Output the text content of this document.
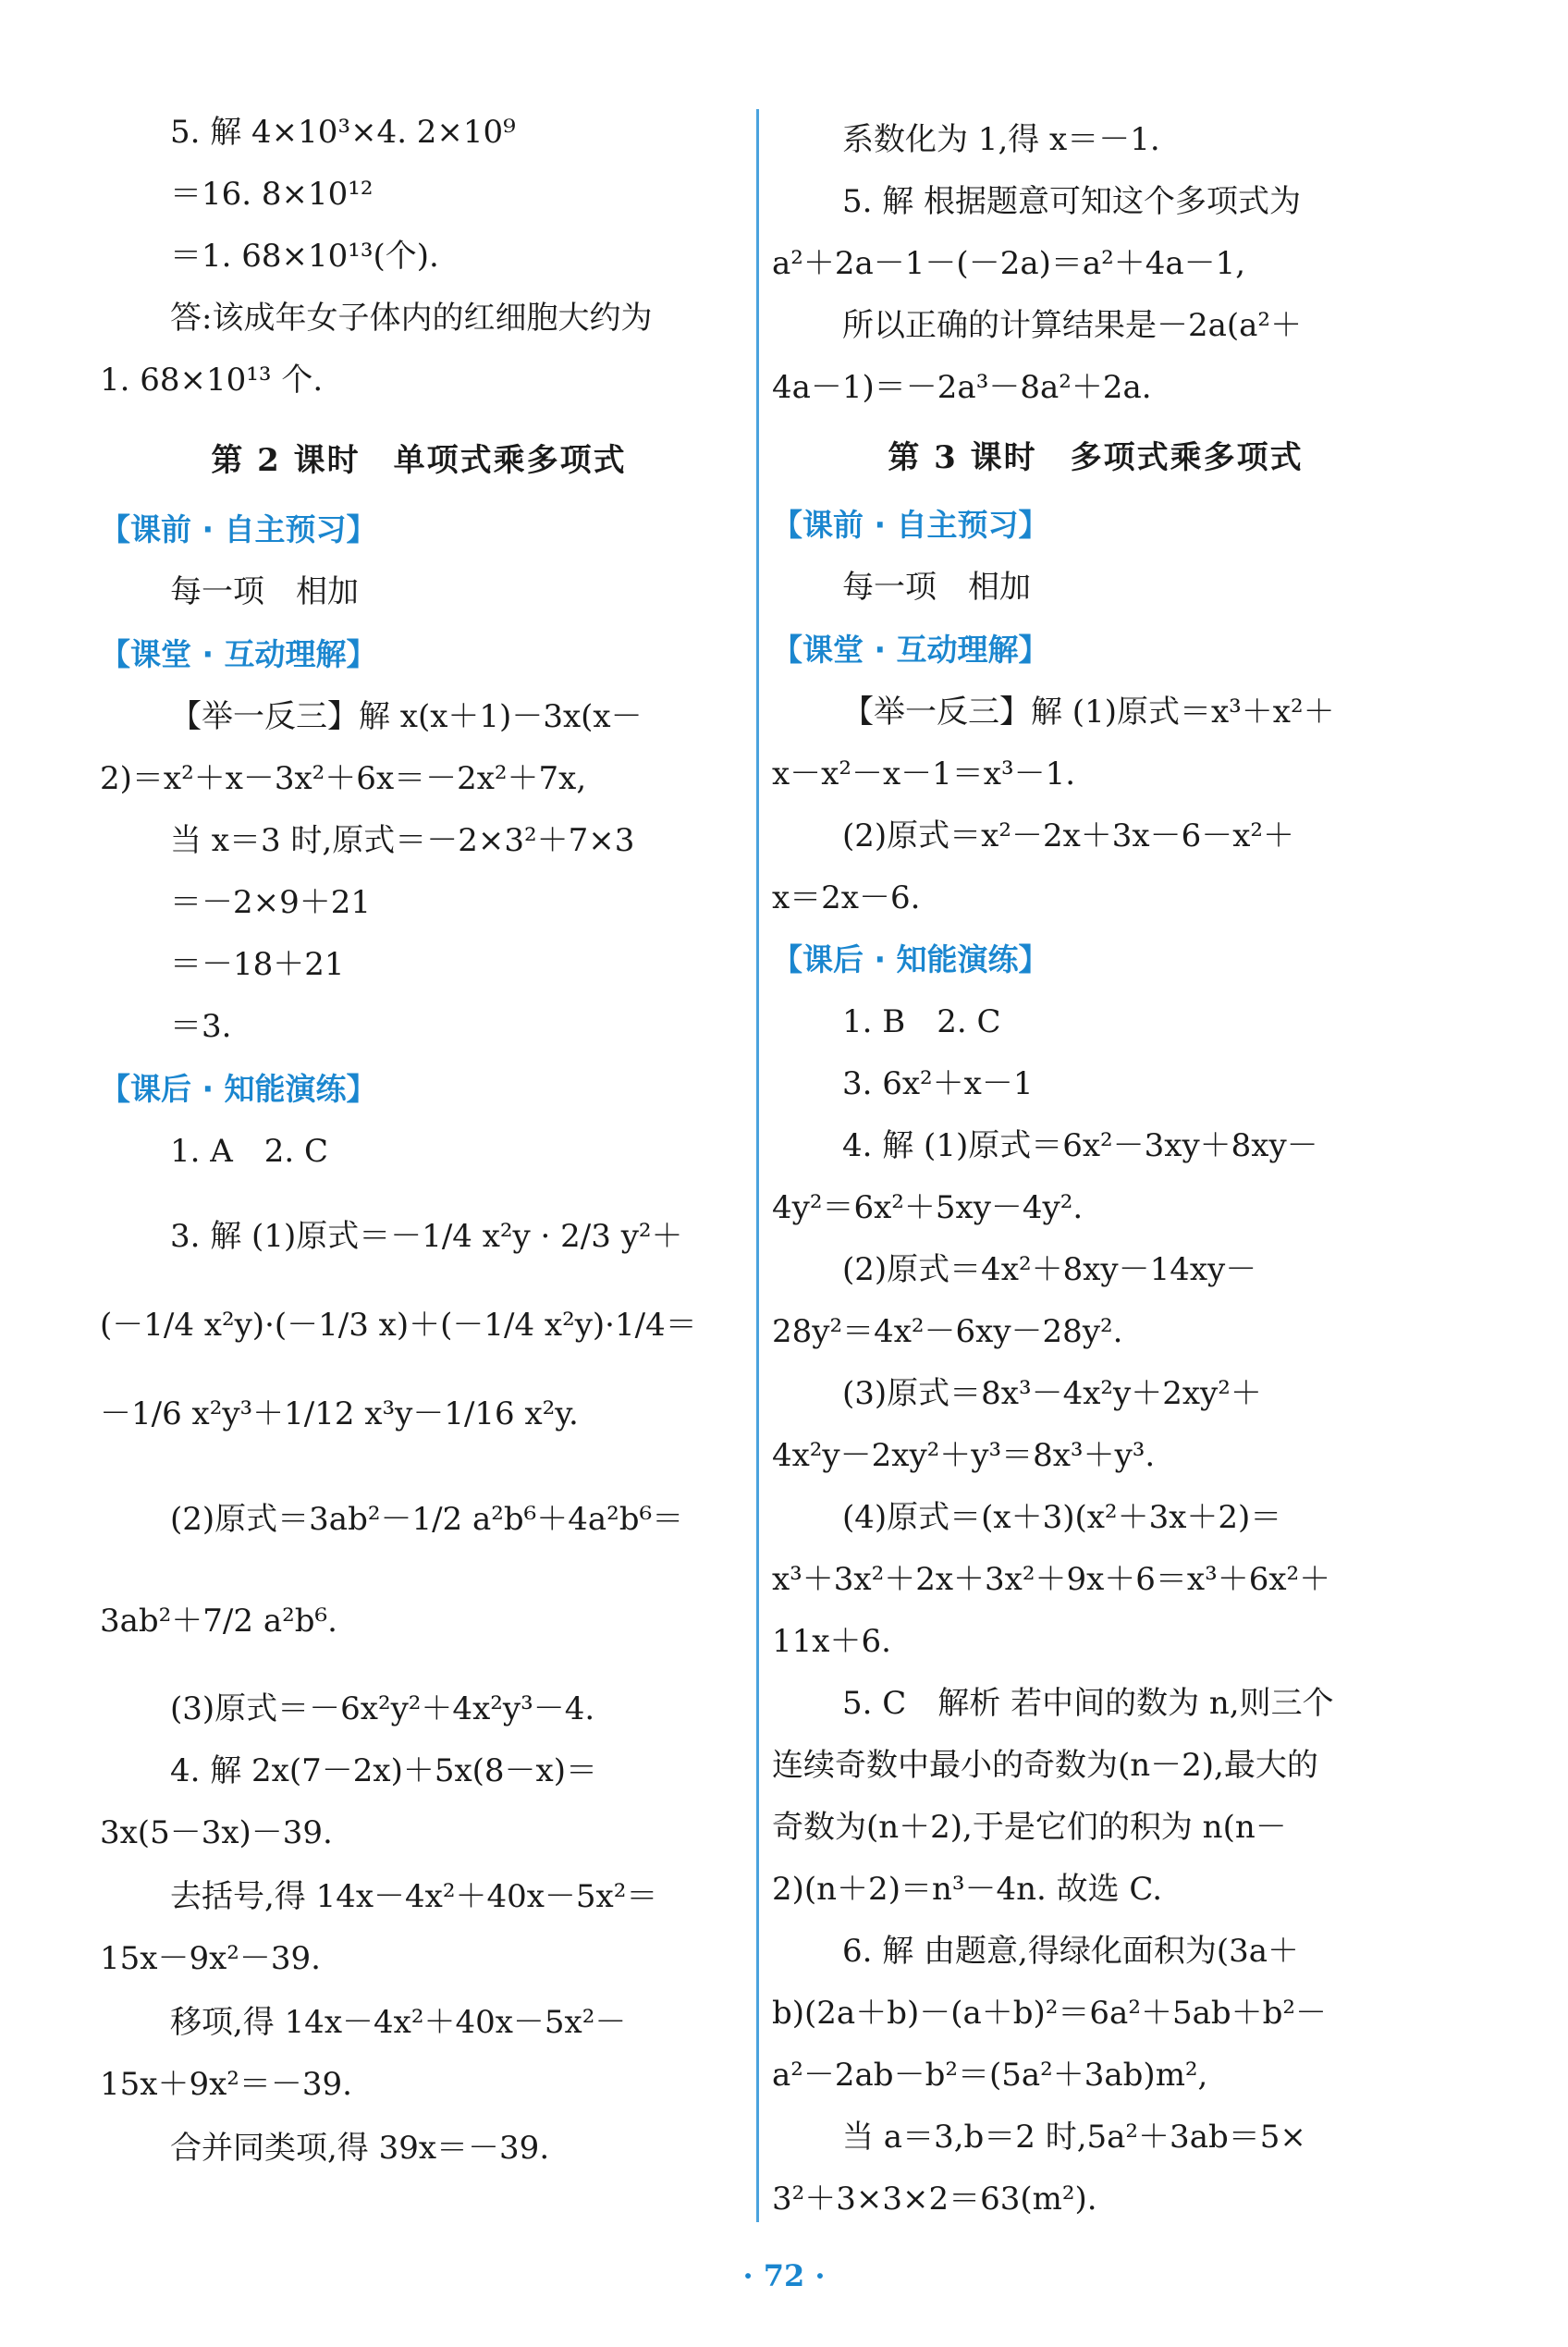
5. 解 4×10³×4. 2×10⁹
＝16. 8×10¹²
＝1. 68×10¹³(个).
答:该成年女子体内的红细胞大约为
1. 68×10¹³ 个.
第 2 课时　单项式乘多项式
【课前 · 自主预习】
每一项　相加
【课堂 · 互动理解】
【举一反三】解 x(x＋1)－3x(x－
2)＝x²＋x－3x²＋6x＝－2x²＋7x,
当 x＝3 时,原式＝－2×3²＋7×3
＝－2×9＋21
＝－18＋21
＝3.
【课后 · 知能演练】
1. A　2. C
3. 解 (1)原式＝－1/4 x²y · 2/3 y²＋
(－1/4 x²y)·(－1/3 x)＋(－1/4 x²y)·1/4＝
－1/6 x²y³＋1/12 x³y－1/16 x²y.
(2)原式＝3ab²－1/2 a²b⁶＋4a²b⁶＝
3ab²＋7/2 a²b⁶.
(3)原式＝－6x²y²＋4x²y³－4.
4. 解 2x(7－2x)＋5x(8－x)＝
3x(5－3x)－39.
去括号,得 14x－4x²＋40x－5x²＝
15x－9x²－39.
移项,得 14x－4x²＋40x－5x²－
15x＋9x²＝－39.
合并同类项,得 39x＝－39.
系数化为 1,得 x＝－1.
5. 解 根据题意可知这个多项式为
a²＋2a－1－(－2a)＝a²＋4a－1,
所以正确的计算结果是－2a(a²＋
4a－1)＝－2a³－8a²＋2a.
第 3 课时　多项式乘多项式
【课前 · 自主预习】
每一项　相加
【课堂 · 互动理解】
【举一反三】解 (1)原式＝x³＋x²＋
x－x²－x－1＝x³－1.
(2)原式＝x²－2x＋3x－6－x²＋
x＝2x－6.
【课后 · 知能演练】
1. B　2. C
3. 6x²＋x－1
4. 解 (1)原式＝6x²－3xy＋8xy－
4y²＝6x²＋5xy－4y².
(2)原式＝4x²＋8xy－14xy－
28y²＝4x²－6xy－28y².
(3)原式＝8x³－4x²y＋2xy²＋
4x²y－2xy²＋y³＝8x³＋y³.
(4)原式＝(x＋3)(x²＋3x＋2)＝
x³＋3x²＋2x＋3x²＋9x＋6＝x³＋6x²＋
11x＋6.
5. C　解析 若中间的数为 n,则三个
连续奇数中最小的奇数为(n－2),最大的
奇数为(n＋2),于是它们的积为 n(n－
2)(n＋2)＝n³－4n. 故选 C.
6. 解 由题意,得绿化面积为(3a＋
b)(2a＋b)－(a＋b)²＝6a²＋5ab＋b²－
a²－2ab－b²＝(5a²＋3ab)m²,
当 a＝3,b＝2 时,5a²＋3ab＝5×
3²＋3×3×2＝63(m²).
· 72 ·
